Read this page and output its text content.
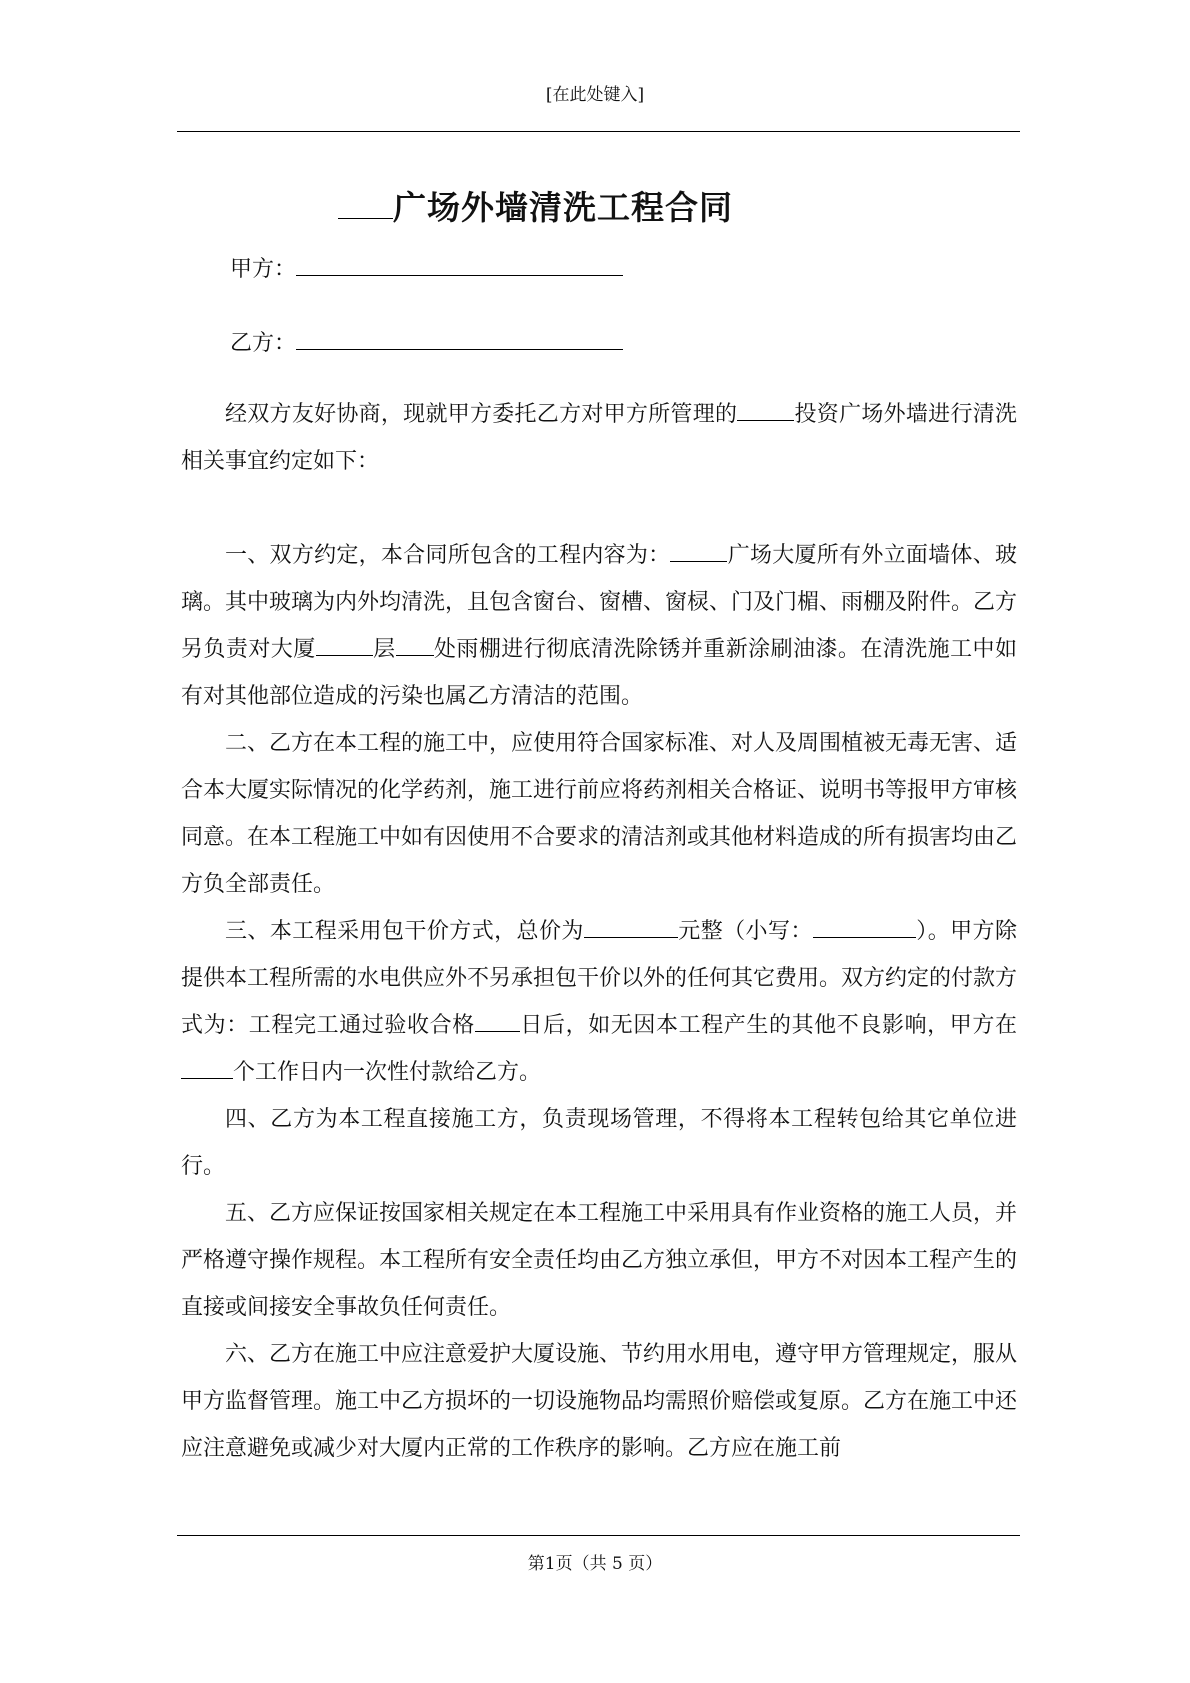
[在此处键入]
广场外墙清洗工程合同
甲方：
乙方：

经双方友好协商，现就甲方委托乙方对甲方所管理的	投资广场外墙进行清洗相关事宜约定如下：

一、双方约定，本合同所包含的工程内容为：	广场大厦所有外立面墙体、玻璃。其中玻璃为内外均清洗，且包含窗台、窗槽、窗棂、门及门楣、雨棚及附件。乙方另负责对大厦	层 处雨棚进行彻底清洗除锈并重新涂刷油漆。在清洗施工中如有对其他部位造成的污染也属乙方清洁的范围。

二、乙方在本工程的施工中，应使用符合国家标准、对人及周围植被无毒无害、适合本大厦实际情况的化学药剂，施工进行前应将药剂相关合格证、说明书等报甲方审核同意。在本工程施工中如有因使用不合要求的清洁剂或其他材料造成的所有损害均由乙方负全部责任。

三、本工程采用包干价方式，总价为	元整（小写：	）。甲方除提供本工程所需的水电供应外不另承担包干价以外的任何其它费用。双方约定的付款方式为：工程完工通过验收合格 日后，如无因本工程产生的其他不良影响，甲方在个工作日内一次性付款给乙方。

四、乙方为本工程直接施工方，负责现场管理，不得将本工程转包给其它单位进行。

五、乙方应保证按国家相关规定在本工程施工中采用具有作业资格的施工人员，并严格遵守操作规程。本工程所有安全责任均由乙方独立承但，甲方不对因本工程产生的直接或间接安全事故负任何责任。

六、乙方在施工中应注意爱护大厦设施、节约用水用电，遵守甲方管理规定，服从甲方监督管理。施工中乙方损坏的一切设施物品均需照价赔偿或复原。乙方在施工中还应注意避免或减少对大厦内正常的工作秩序的影响。乙方应在施工前

第1页（共 5 页）
